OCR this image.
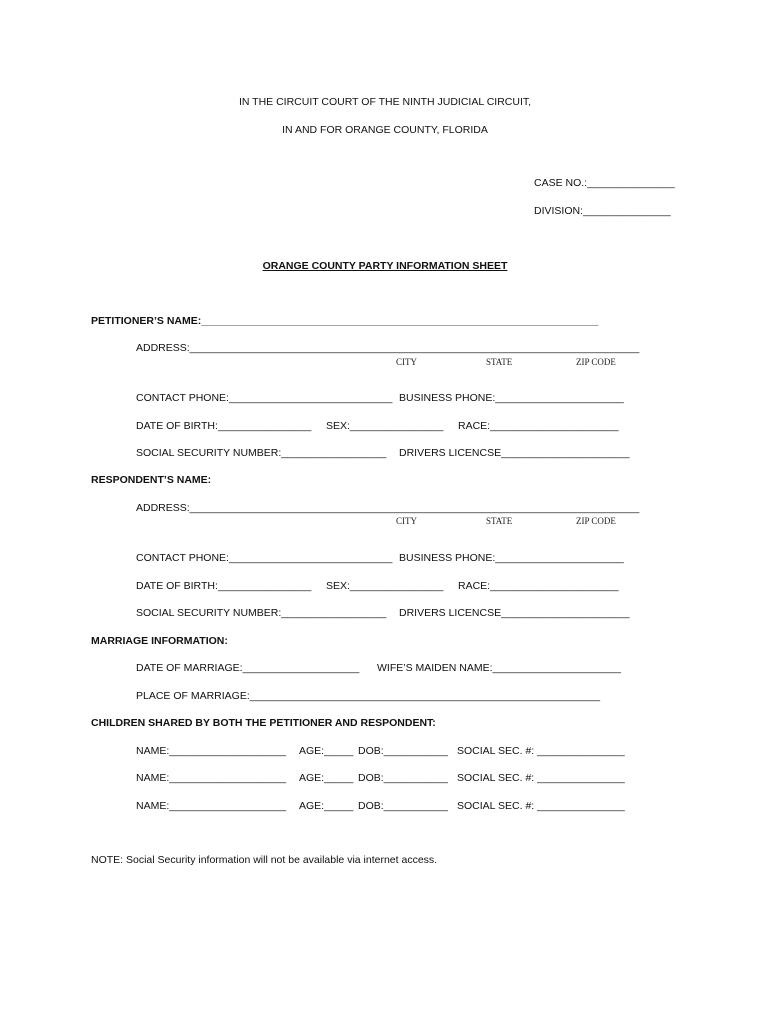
IN THE CIRCUIT COURT OF THE NINTH JUDICIAL CIRCUIT,
IN AND FOR ORANGE COUNTY, FLORIDA
CASE NO.:_______________
DIVISION:_______________
ORANGE COUNTY PARTY INFORMATION SHEET
PETITIONER’S NAME:____________________________________________________________________
ADDRESS:_____________________________________________________________________________
CITY	STATE	ZIP CODE
CONTACT PHONE:____________________________ BUSINESS PHONE:______________________
DATE OF BIRTH:________________ SEX:________________ RACE:______________________
SOCIAL SECURITY NUMBER:__________________ DRIVERS LICENCSE______________________
RESPONDENT’S NAME:
ADDRESS:_____________________________________________________________________________
CITY	STATE	ZIP CODE
CONTACT PHONE:____________________________ BUSINESS PHONE:______________________
DATE OF BIRTH:________________ SEX:________________ RACE:______________________
SOCIAL SECURITY NUMBER:__________________ DRIVERS LICENCSE______________________
MARRIAGE INFORMATION:
DATE OF MARRIAGE:____________________ WIFE’S MAIDEN NAME:______________________
PLACE OF MARRIAGE:____________________________________________________________
CHILDREN SHARED BY BOTH THE PETITIONER AND RESPONDENT:
NAME:____________________ AGE:_____ DOB:___________ SOCIAL SEC. #: _______________
NAME:____________________ AGE:_____ DOB:___________ SOCIAL SEC. #: _______________
NAME:____________________ AGE:_____ DOB:___________ SOCIAL SEC. #: _______________
NOTE: Social Security information will not be available via internet access.
